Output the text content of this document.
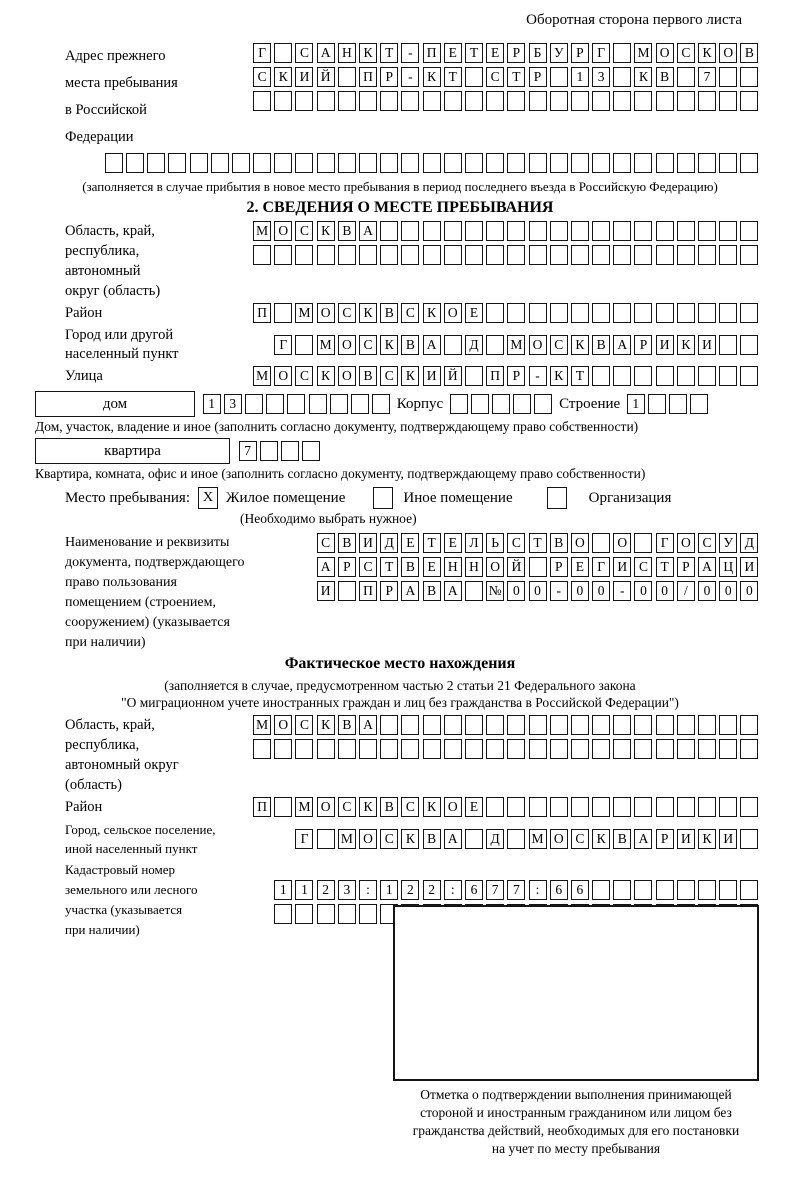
Оборотная сторона первого листа
Адрес прежнего
места пребывания
в Российской
Федерации
Г	С А Н К Т	-	П Е Т Е Р	Б У Р	Г	М О С К О В
С К И Й	П Р	-	К Т	С Т Р	1	3	К В	7
(заполняется в случае прибытия в новое место пребывания в период последнего въезда в Российскую Федерацию)
2. СВЕДЕНИЯ О МЕСТЕ ПРЕБЫВАНИЯ
Область, край,
республика,
автономный
округ (область)
М О С К В А
Район	П	М О С К В С К О Е
Город или другой
населенный пункт
Г	М О С К В А	Д	М О С К В А Р И К И
Улица	М О С К О В С К И Й	П Р	-	К Т
дом	1	3	Корпус	Строение 1
Дом, участок, владение и иное (заполнить согласно документу, подтверждающему право собственности)
квартира	7
Квартира, комната, офис и иное (заполнить согласно документу, подтверждающему право собственности)
Место пребывания: X Жилое помещение	Иное помещение	Организация
(Необходимо выбрать нужное)
Наименование и реквизиты
документа, подтверждающего
право пользования
помещением (строением,
сооружением) (указывается
при наличии)
С В И Д Е Т Е Л Ь С Т В О	О	Г О С У Д
А Р С Т В Е Н Н О Й	Р Е Г И С Т Р А Ц И
И	П Р А В А	№ 0	0	-	0	0	-	0	0	/	0	0	0
Фактическое место нахождения
(заполняется в случае, предусмотренном частью 2 статьи 21 Федерального закона
"О миграционном учете иностранных граждан и лиц без гражданства в Российской Федерации")
Область, край,
республика,
автономный округ
(область)
М О С К В А
Район	П	М О С К В С К О Е
Город, сельское поселение,
иной населенный пункт
Г	М О С К В А	Д	М О С К В А Р И К И
Кадастровый номер
земельного или лесного
участка (указывается
при наличии)
1	1	2	3	:	1	2	2	:	6	7	7	:	6	6
Отметка о подтверждении выполнения принимающей
стороной и иностранным гражданином или лицом без
гражданства действий, необходимых для его постановки
на учет по месту пребывания
